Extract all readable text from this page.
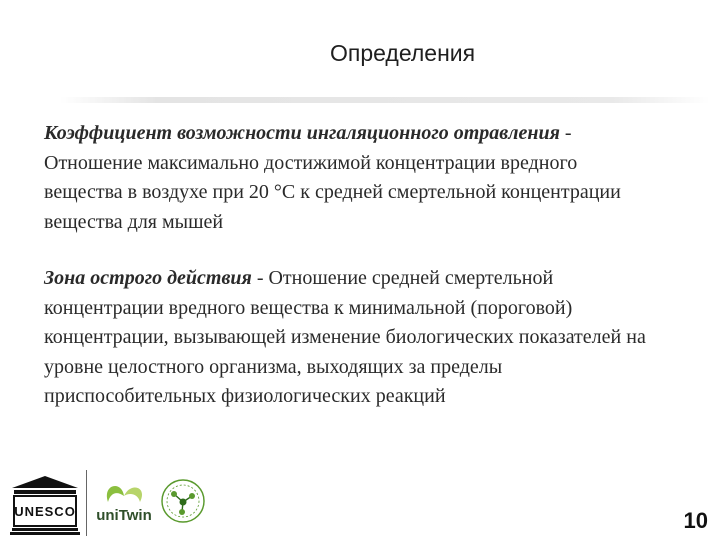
Определения

Коэффициент возможности ингаляционного отравления - Отношение максимально достижимой концентрации вредного вещества в воздухе при 20 °С к средней смертельной концентрации вещества для мышей

Зона острого действия - Отношение средней смертельной концентрации вредного вещества к минимальной (пороговой) концентрации, вызывающей изменение биологических показателей на уровне целостного организма, выходящих за пределы приспособительных физиологических реакций

UNESCO uniTwin	10
